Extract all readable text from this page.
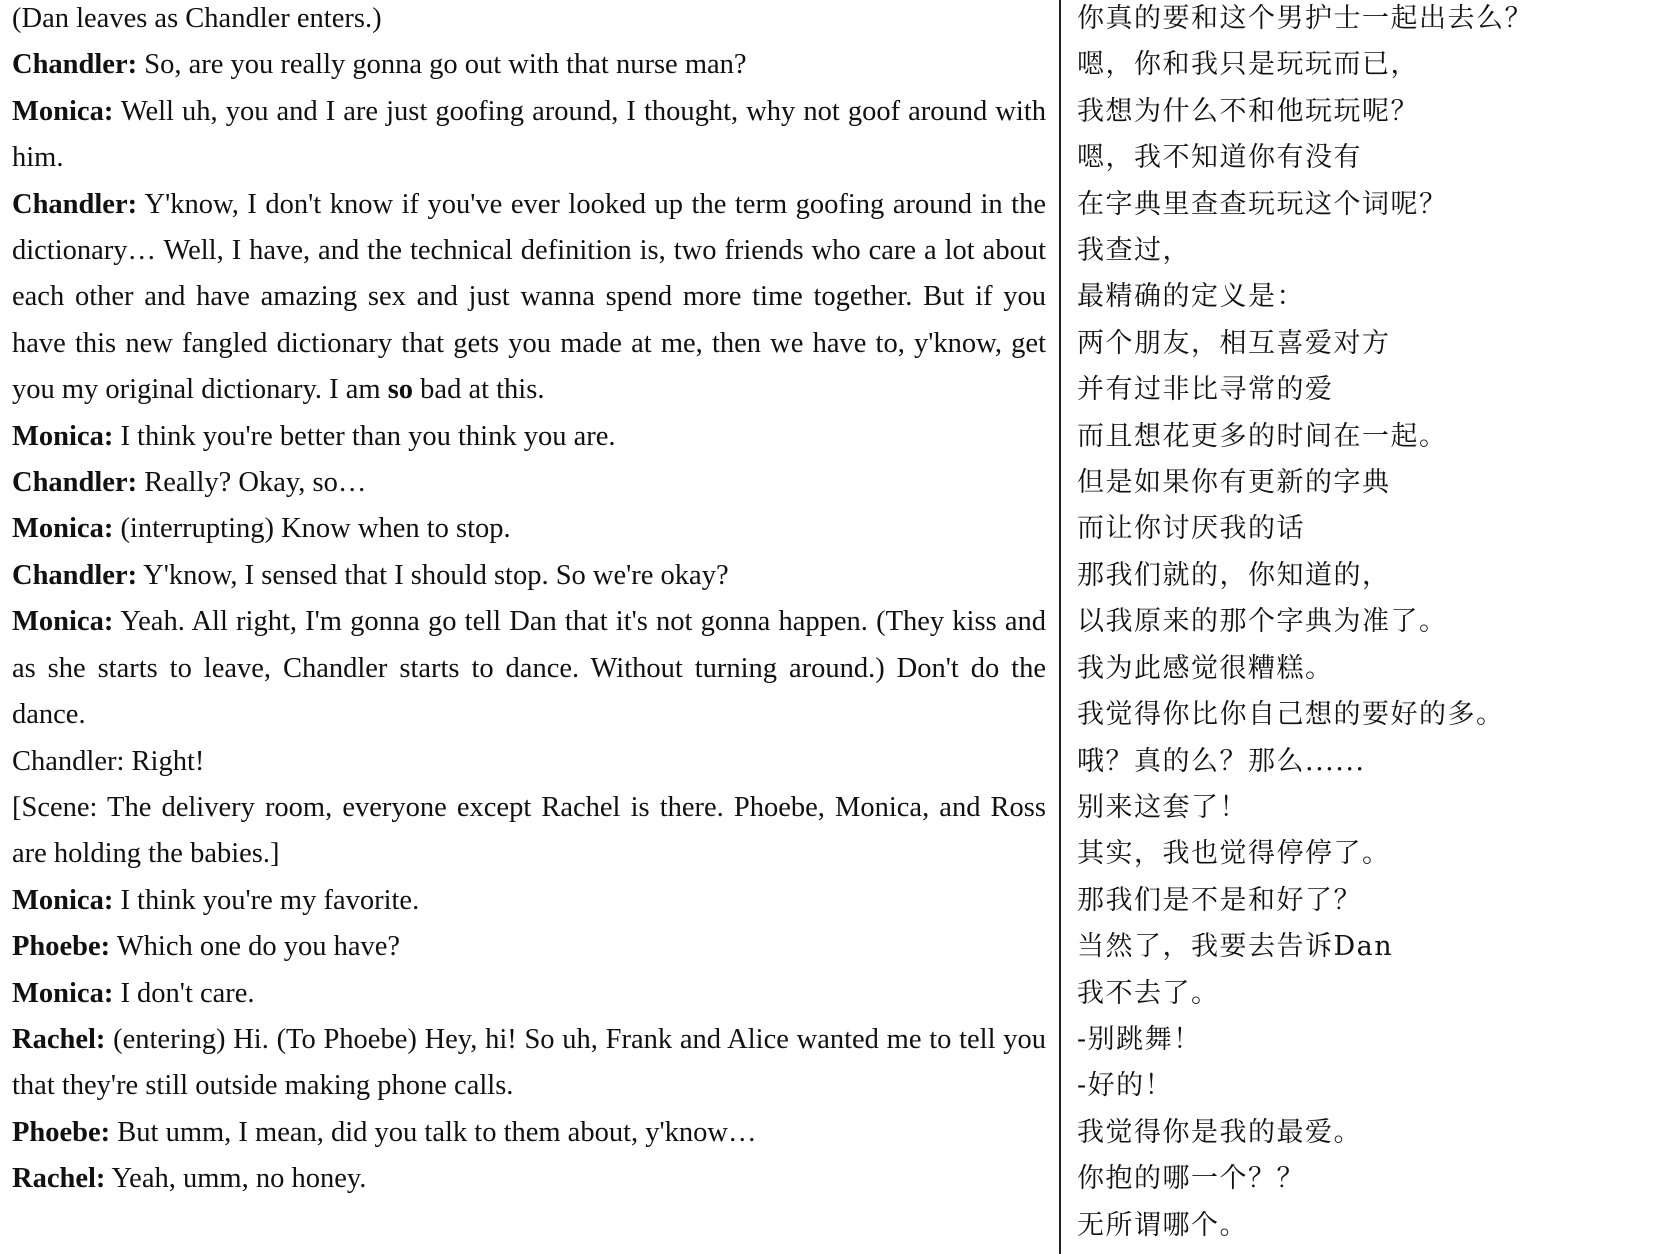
(Dan leaves as Chandler enters.)

Chandler: So, are you really gonna go out with that nurse man?

Monica: Well uh, you and I are just goofing around, I thought, why not goof around with him.

Chandler: Y'know, I don't know if you've ever looked up the term goofing around in the dictionary… Well, I have, and the technical definition is, two friends who care a lot about each other and have amazing sex and just wanna spend more time together. But if you have this new fangled dictionary that gets you made at me, then we have to, y'know, get you my original dictionary. I am so bad at this.

Monica: I think you're better than you think you are.

Chandler: Really? Okay, so…

Monica: (interrupting) Know when to stop.

Chandler: Y'know, I sensed that I should stop. So we're okay?

Monica: Yeah. All right, I'm gonna go tell Dan that it's not gonna happen. (They kiss and as she starts to leave, Chandler starts to dance. Without turning around.) Don't do the dance.

Chandler: Right!

[Scene: The delivery room, everyone except Rachel is there. Phoebe, Monica, and Ross are holding the babies.]

Monica: I think you're my favorite.

Phoebe: Which one do you have?

Monica: I don't care.

Rachel: (entering) Hi. (To Phoebe) Hey, hi! So uh, Frank and Alice wanted me to tell you that they're still outside making phone calls.

Phoebe: But umm, I mean, did you talk to them about, y'know…

Rachel: Yeah, umm, no honey.

你真的要和这个男护士一起出去么？

嗯，你和我只是玩玩而已，

我想为什么不和他玩玩呢？

嗯，我不知道你有没有

在字典里查查玩玩这个词呢？

我查过，

最精确的定义是：

两个朋友，相互喜爱对方

并有过非比寻常的爱

而且想花更多的时间在一起。

但是如果你有更新的字典

而让你讨厌我的话

那我们就的，你知道的，

以我原来的那个字典为准了。

我为此感觉很糟糕。

我觉得你比你自己想的要好的多。

哦？真的么？那么......

别来这套了！

其实，我也觉得停停了。

那我们是不是和好了？

当然了，我要去告诉Dan

我不去了。

-别跳舞！

-好的！

我觉得你是我的最爱。

你抱的哪一个？？

无所谓哪个。
